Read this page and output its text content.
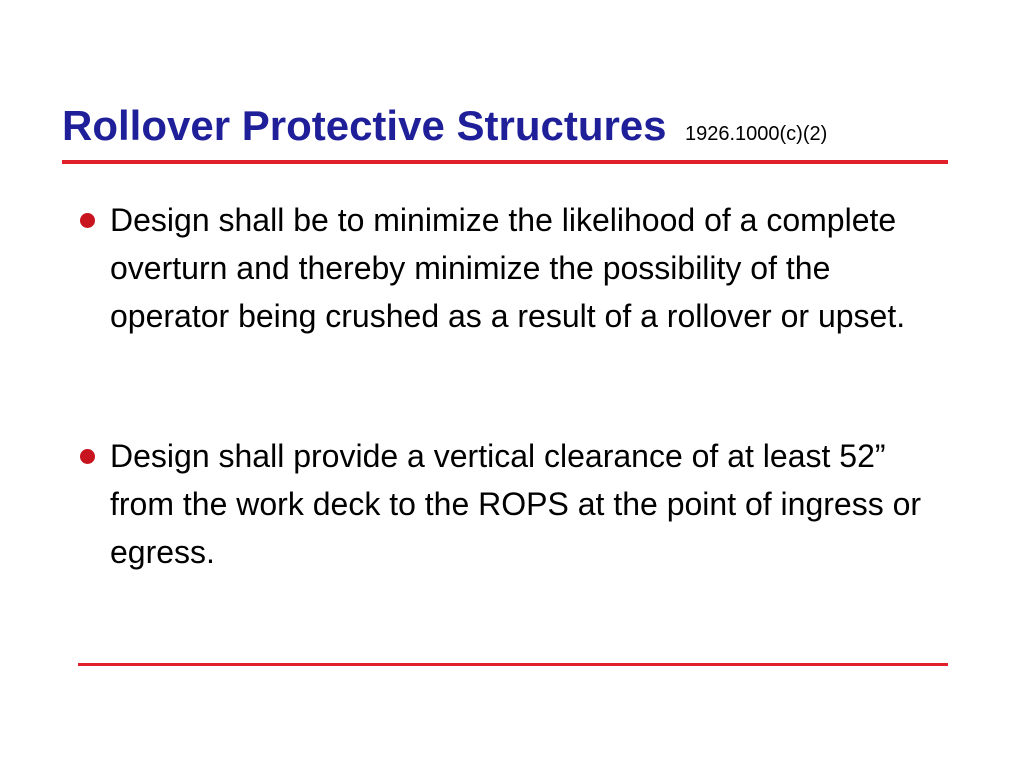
Rollover Protective Structures 1926.1000(c)(2)
Design shall be to minimize the likelihood of a complete overturn and thereby minimize the possibility of the operator being crushed as a result of a rollover or upset.
Design shall provide a vertical clearance of at least 52” from the work deck to the ROPS at the point of ingress or egress.
